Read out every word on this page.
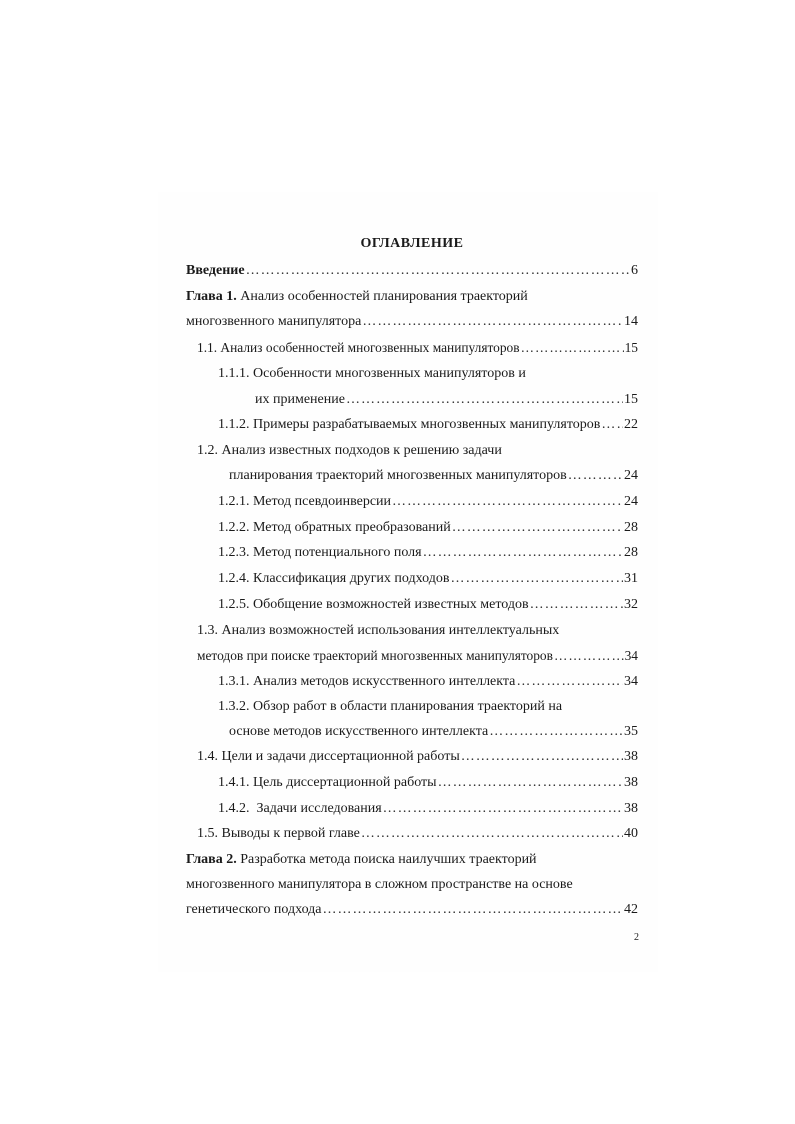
ОГЛАВЛЕНИЕ
Введение …………………………………………………………………………………………………………………………………………………………………………………	6
Глава 1. Анализ особенностей планирования траекторий
многозвенного манипулятора …………………………………………………………………………………………………………………………………………………………………………………	14
1.1. Анализ особенностей многозвенных манипуляторов …………………………………………………………………………………………………………………………………………………………………………………	15
1.1.1. Особенности многозвенных манипуляторов и
их применение …………………………………………………………………………………………………………………………………………………………………………………	15
1.1.2. Примеры разрабатываемых многозвенных манипуляторов ………………………………………………………………………………………………………………………………………………………………………………… 22
1.2. Анализ известных подходов к решению задачи
планирования траекторий многозвенных манипуляторов …………………………………………………………………………………………………………………………………………………………………………………	24
1.2.1. Метод псевдоинверсии …………………………………………………………………………………………………………………………………………………………………………………	24
1.2.2. Метод обратных преобразований …………………………………………………………………………………………………………………………………………………………………………………	28
1.2.3. Метод потенциального поля …………………………………………………………………………………………………………………………………………………………………………………	28
1.2.4. Классификация других подходов …………………………………………………………………………………………………………………………………………………………………………………	31
1.2.5. Обобщение возможностей известных методов …………………………………………………………………………………………………………………………………………………………………………………	32
1.3. Анализ возможностей использования интеллектуальных
методов при поиске траекторий многозвенных манипуляторов …………………………………………………………………………………………………………………………………………………………………………………	34
1.3.1. Анализ методов искусственного интеллекта …………………………………………………………………………………………………………………………………………………………………………………	34
1.3.2. Обзор работ в области планирования траекторий на
основе методов искусственного интеллекта …………………………………………………………………………………………………………………………………………………………………………………	35
1.4. Цели и задачи диссертационной работы …………………………………………………………………………………………………………………………………………………………………………………	38
1.4.1. Цель диссертационной работы …………………………………………………………………………………………………………………………………………………………………………………	38
1.4.2.  Задачи исследования …………………………………………………………………………………………………………………………………………………………………………………	38
1.5. Выводы к первой главе …………………………………………………………………………………………………………………………………………………………………………………	40
Глава 2. Разработка метода поиска наилучших траекторий
многозвенного манипулятора в сложном пространстве на основе
генетического подхода …………………………………………………………………………………………………………………………………………………………………………………	42
2
